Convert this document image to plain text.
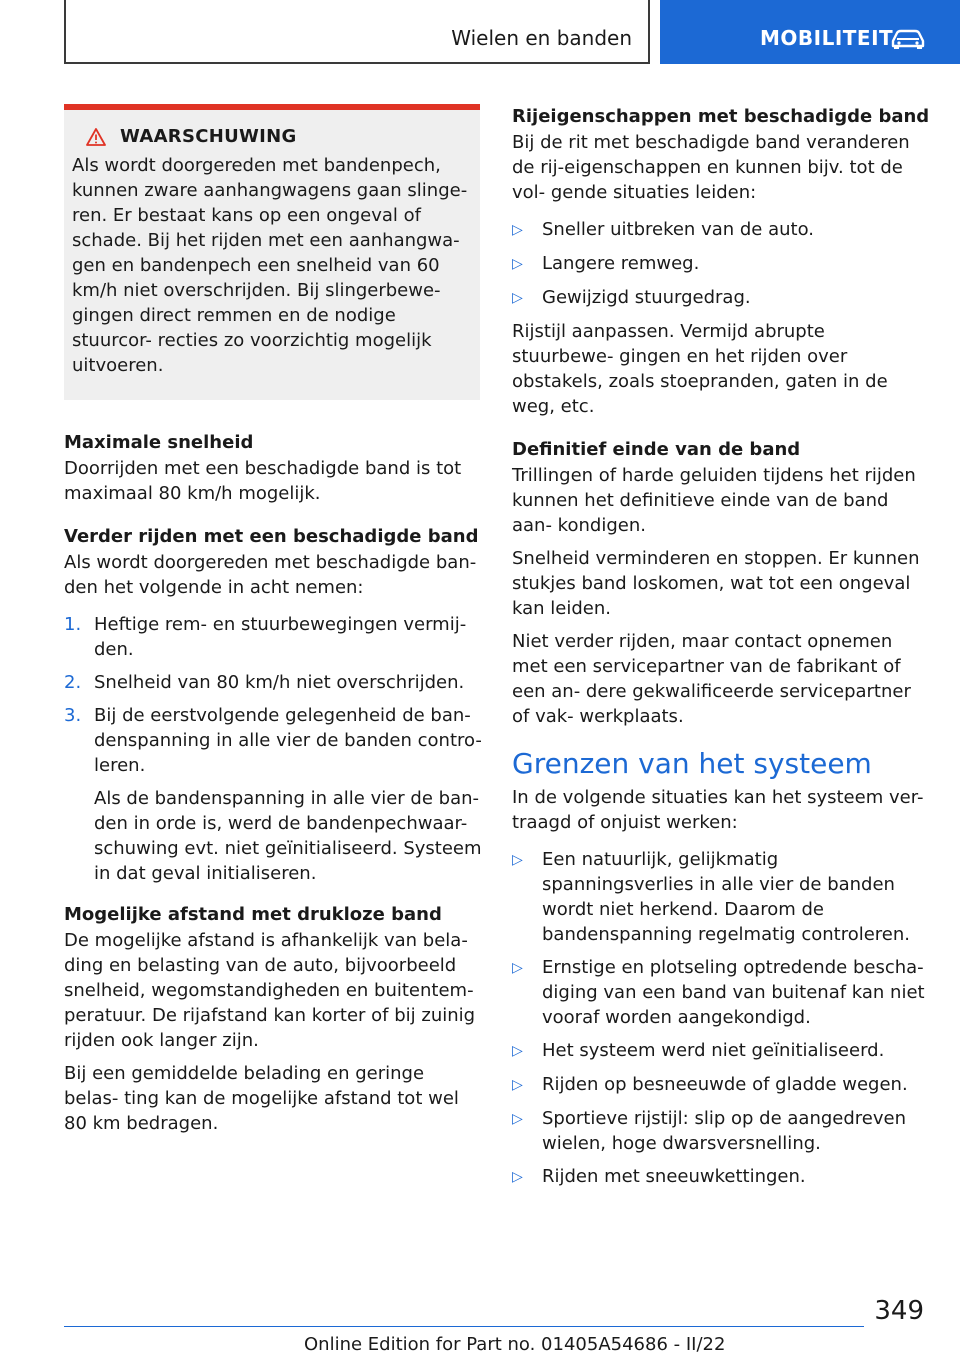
Wielen en banden	MOBILITEIT
WAARSCHUWING
Als wordt doorgereden met bandenpech, kunnen zware aanhangwagens gaan slinge- ren. Er bestaat kans op een ongeval of schade. Bij het rijden met een aanhangwa- gen en bandenpech een snelheid van 60 km/h niet overschrijden. Bij slingerbewe- gingen direct remmen en de nodige stuurcor- recties zo voorzichtig mogelijk uitvoeren.
Maximale snelheid
Doorrijden met een beschadigde band is tot maximaal 80 km/h mogelijk.
Verder rijden met een beschadigde band
Als wordt doorgereden met beschadigde ban- den het volgende in acht nemen:
1. Heftige rem- en stuurbewegingen vermij- den.
2. Snelheid van 80 km/h niet overschrijden.
3. Bij de eerstvolgende gelegenheid de ban- denspanning in alle vier de banden contro- leren.
Als de bandenspanning in alle vier de ban- den in orde is, werd de bandenpechwaar- schuwing evt. niet geïnitialiseerd. Systeem in dat geval initialiseren.
Mogelijke afstand met drukloze band
De mogelijke afstand is afhankelijk van bela- ding en belasting van de auto, bijvoorbeeld snelheid, wegomstandigheden en buitentem- peratuur. De rijafstand kan korter of bij zuinig rijden ook langer zijn.
Bij een gemiddelde belading en geringe belas- ting kan de mogelijke afstand tot wel 80 km bedragen.
Rijeigenschappen met beschadigde band
Bij de rit met beschadigde band veranderen de rij-eigenschappen en kunnen bijv. tot de vol- gende situaties leiden:
▷	Sneller uitbreken van de auto.
▷	Langere remweg.
▷	Gewijzigd stuurgedrag.
Rijstijl aanpassen. Vermijd abrupte stuurbewe- gingen en het rijden over obstakels, zoals stoepranden, gaten in de weg, etc.
Definitief einde van de band
Trillingen of harde geluiden tijdens het rijden kunnen het definitieve einde van de band aan- kondigen.
Snelheid verminderen en stoppen. Er kunnen stukjes band loskomen, wat tot een ongeval kan leiden.
Niet verder rijden, maar contact opnemen met een servicepartner van de fabrikant of een an- dere gekwalificeerde servicepartner of vak- werkplaats.
Grenzen van het systeem
In de volgende situaties kan het systeem ver- traagd of onjuist werken:
▷	Een natuurlijk, gelijkmatig spanningsverlies in alle vier de banden wordt niet herkend. Daarom de bandenspanning regelmatig controleren.
▷	Ernstige en plotseling optredende bescha- diging van een band van buitenaf kan niet vooraf worden aangekondigd.
▷	Het systeem werd niet geïnitialiseerd.
▷	Rijden op besneeuwde of gladde wegen.
▷	Sportieve rijstijl: slip op de aangedreven wielen, hoge dwarsversnelling.
▷	Rijden met sneeuwkettingen.
349
Online Edition for Part no. 01405A54686 - II/22
